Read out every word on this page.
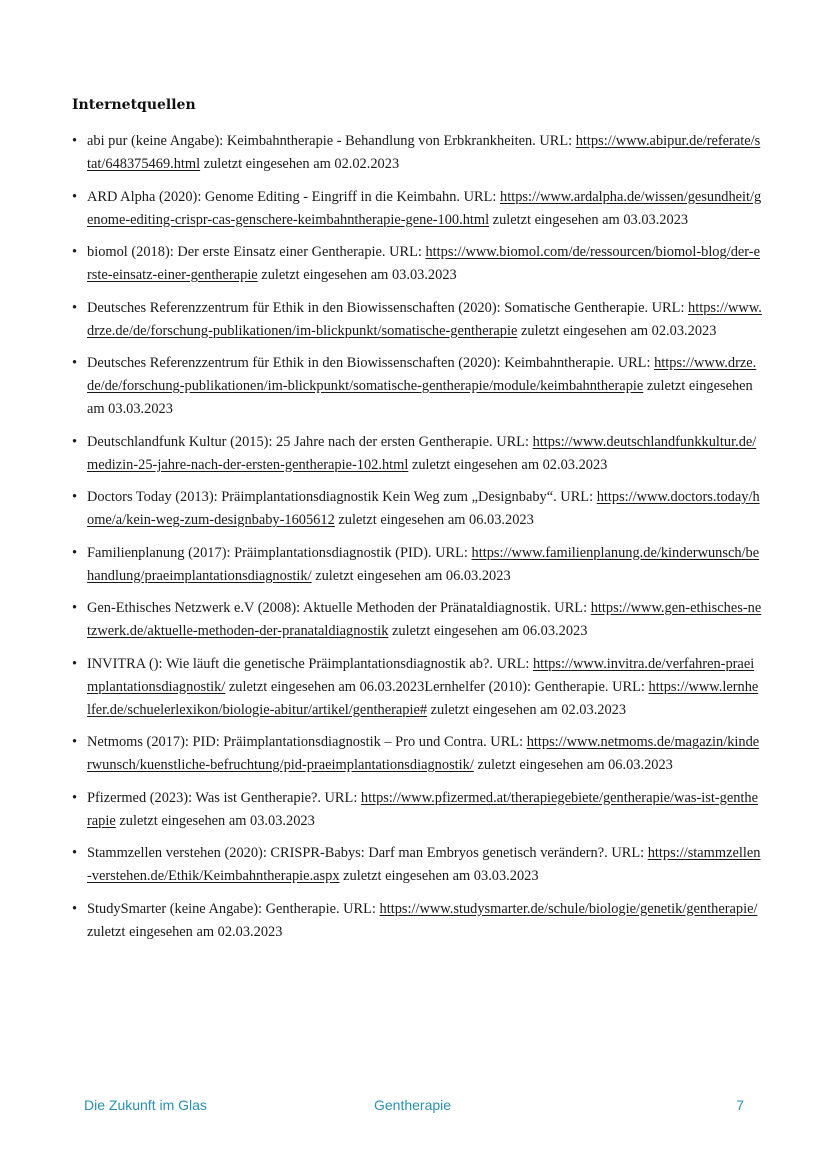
Internetquellen
• abi pur (keine Angabe): Keimbahntherapie - Behandlung von Erbkrankheiten. URL: https://www.abipur.de/referate/stat/648375469.html zuletzt eingesehen am 02.02.2023
• ARD Alpha (2020): Genome Editing - Eingriff in die Keimbahn. URL: https://www.ardalpha.de/wissen/gesundheit/genome-editing-crispr-cas-genschere-keimbahntherapie-gene-100.html zuletzt eingesehen am 03.03.2023
• biomol (2018): Der erste Einsatz einer Gentherapie. URL: https://www.biomol.com/de/ressourcen/biomol-blog/der-erste-einsatz-einer-gentherapie zuletzt eingesehen am 03.03.2023
• Deutsches Referenzzentrum für Ethik in den Biowissenschaften (2020): Somatische Gentherapie. URL: https://www.drze.de/de/forschung-publikationen/im-blickpunkt/somatische-gentherapie zuletzt eingesehen am 02.03.2023
• Deutsches Referenzzentrum für Ethik in den Biowissenschaften (2020): Keimbahntherapie. URL: https://www.drze.de/de/forschung-publikationen/im-blickpunkt/somatische-gentherapie/module/keimbahntherapie zuletzt eingesehen am 03.03.2023
• Deutschlandfunk Kultur (2015): 25 Jahre nach der ersten Gentherapie. URL: https://www.deutschlandfunkkultur.de/medizin-25-jahre-nach-der-ersten-gentherapie-102.html zuletzt eingesehen am 02.03.2023
• Doctors Today (2013): Präimplantationsdiagnostik Kein Weg zum „Designbaby“. URL: https://www.doctors.today/home/a/kein-weg-zum-designbaby-1605612 zuletzt eingesehen am 06.03.2023
• Familienplanung (2017): Präimplantationsdiagnostik (PID). URL: https://www.familienplanung.de/kinderwunsch/behandlung/praeimplantationsdiagnostik/ zuletzt eingesehen am 06.03.2023
• Gen-Ethisches Netzwerk e.V (2008): Aktuelle Methoden der Pränataldiagnostik. URL: https://www.gen-ethisches-netzwerk.de/aktuelle-methoden-der-pranataldiagnostik zuletzt eingesehen am 06.03.2023
• INVITRA (): Wie läuft die genetische Präimplantationsdiagnostik ab?. URL: https://www.invitra.de/verfahren-praeimplantationsdiagnostik/ zuletzt eingesehen am 06.03.2023Lernhelfer (2010): Gentherapie. URL: https://www.lernhelfer.de/schuelerlexikon/biologie-abitur/artikel/gentherapie# zuletzt eingesehen am 02.03.2023
• Netmoms (2017): PID: Präimplantationsdiagnostik – Pro und Contra. URL: https://www.netmoms.de/magazin/kinderwunsch/kuenstliche-befruchtung/pid-praeimplantationsdiagnostik/ zuletzt eingesehen am 06.03.2023
• Pfizermed (2023): Was ist Gentherapie?. URL: https://www.pfizermed.at/therapiegebiete/gentherapie/was-ist-gentherapie zuletzt eingesehen am 03.03.2023
• Stammzellen verstehen (2020): CRISPR-Babys: Darf man Embryos genetisch verändern?. URL: https://stammzellen-verstehen.de/Ethik/Keimbahntherapie.aspx zuletzt eingesehen am 03.03.2023
• StudySmarter (keine Angabe): Gentherapie. URL: https://www.studysmarter.de/schule/biologie/genetik/gentherapie/ zuletzt eingesehen am 02.03.2023
Die Zukunft im Glas	Gentherapie	7
